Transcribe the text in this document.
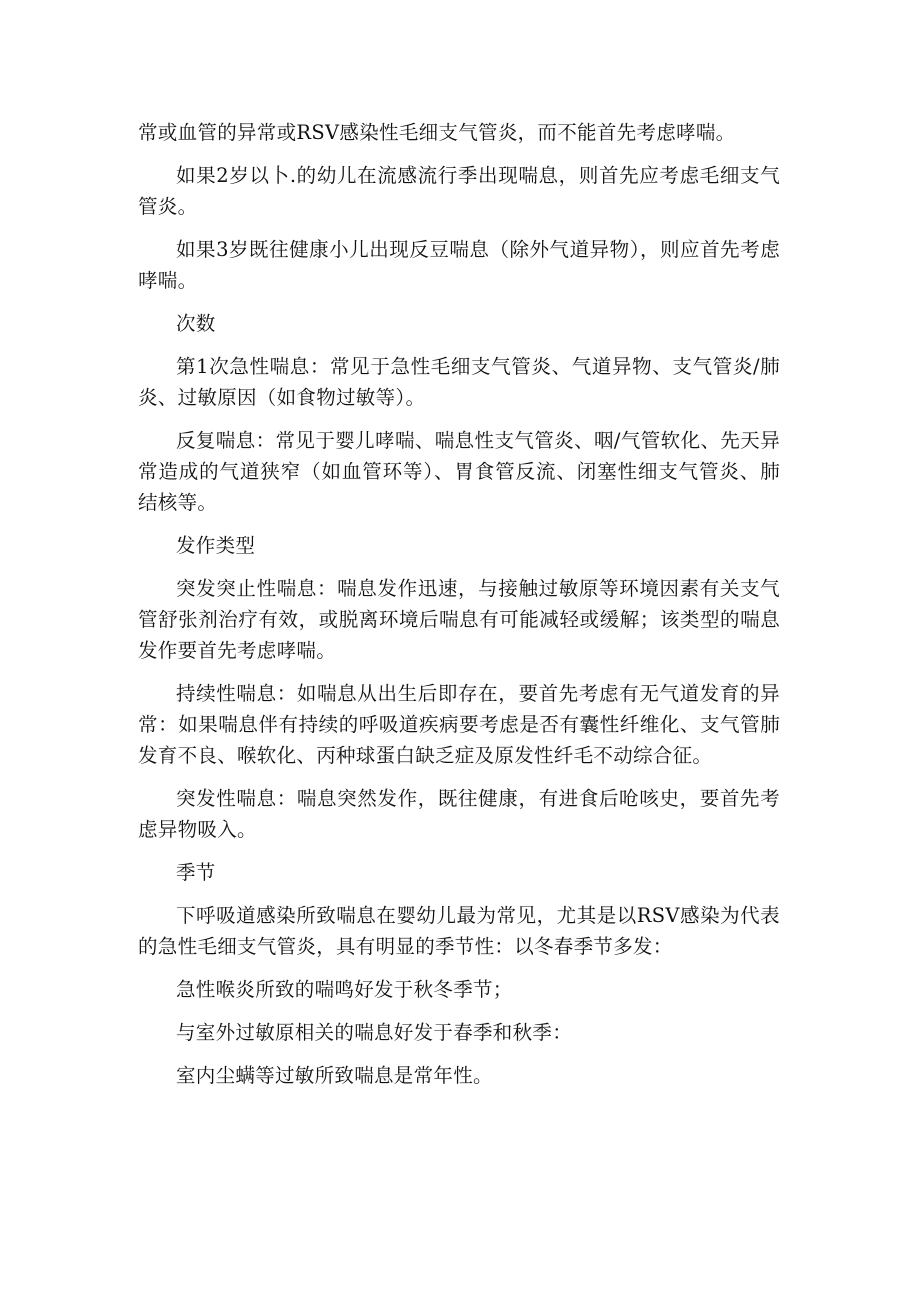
常或血管的异常或RSV感染性毛细支气管炎，而不能首先考虑哮喘。

如果2岁以卜.的幼儿在流感流行季出现喘息，则首先应考虑毛细支气管炎。

如果3岁既往健康小儿出现反豆喘息（除外气道异物），则应首先考虑哮喘。

次数

第1次急性喘息：常见于急性毛细支气管炎、气道异物、支气管炎/肺炎、过敏原因（如食物过敏等）。

反复喘息：常见于婴儿哮喘、喘息性支气管炎、咽/气管软化、先天异常造成的气道狭窄（如血管环等）、胃食管反流、闭塞性细支气管炎、肺结核等。

发作类型

突发突止性喘息：喘息发作迅速，与接触过敏原等环境因素有关支气管舒张剂治疗有效，或脱离环境后喘息有可能减轻或缓解；该类型的喘息发作要首先考虑哮喘。

持续性喘息：如喘息从出生后即存在，要首先考虑有无气道发育的异常：如果喘息伴有持续的呼吸道疾病要考虑是否有囊性纤维化、支气管肺发育不良、喉软化、丙种球蛋白缺乏症及原发性纤毛不动综合征。

突发性喘息：喘息突然发作，既往健康，有进食后呛咳史，要首先考虑异物吸入。

季节

下呼吸道感染所致喘息在婴幼儿最为常见，尤其是以RSV感染为代表的急性毛细支气管炎，具有明显的季节性：以冬春季节多发：

急性喉炎所致的喘鸣好发于秋冬季节；

与室外过敏原相关的喘息好发于春季和秋季：

室内尘螨等过敏所致喘息是常年性。
